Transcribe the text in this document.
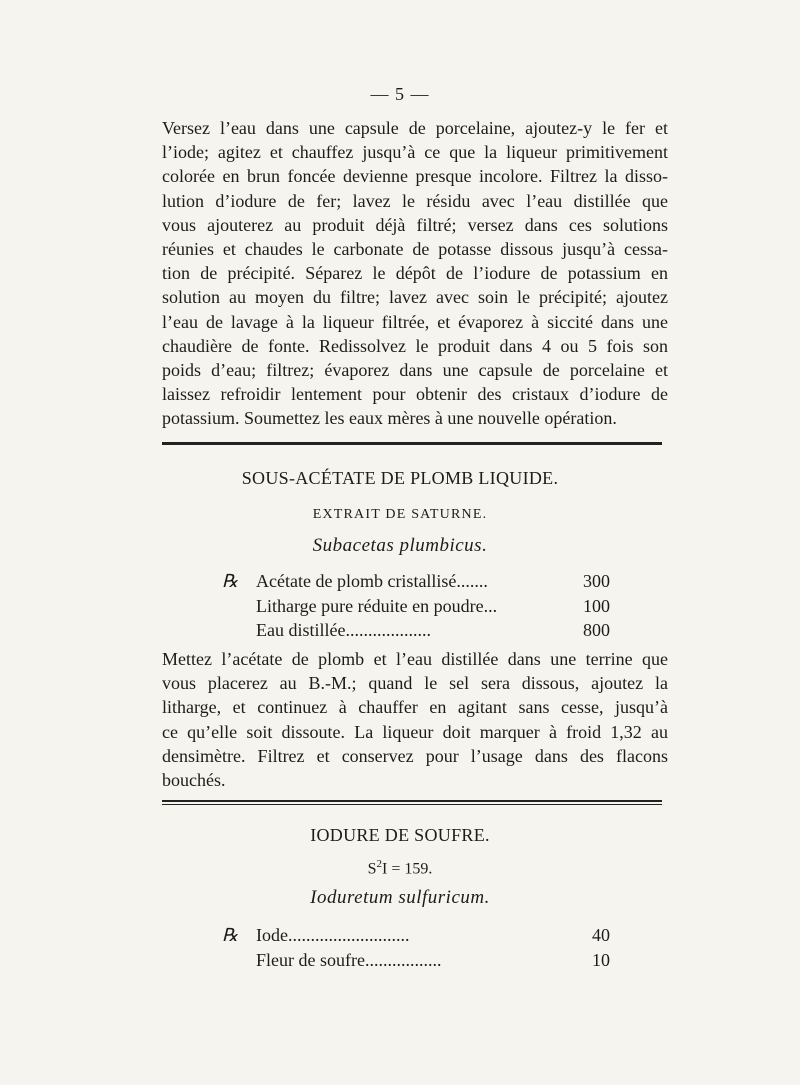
— 5 —
Versez l’eau dans une capsule de porcelaine, ajoutez-y le fer et
l’iode; agitez et chauffez jusqu’à ce que la liqueur primitivement
colorée en brun foncée devienne presque incolore. Filtrez la disso-
lution d’iodure de fer; lavez le résidu avec l’eau distillée que
vous ajouterez au produit déjà filtré; versez dans ces solutions
réunies et chaudes le carbonate de potasse dissous jusqu’à cessa-
tion de précipité. Séparez le dépôt de l’iodure de potassium en
solution au moyen du filtre; lavez avec soin le précipité; ajoutez
l’eau de lavage à la liqueur filtrée, et évaporez à siccité dans une
chaudière de fonte. Redissolvez le produit dans 4 ou 5 fois son
poids d’eau; filtrez; évaporez dans une capsule de porcelaine et
laissez refroidir lentement pour obtenir des cristaux d’iodure de
potassium. Soumettez les eaux mères à une nouvelle opération.
SOUS-ACÉTATE DE PLOMB LIQUIDE.
EXTRAIT DE SATURNE.
Subacetas plumbicus.
℞ Acétate de plomb cristallisé.......	300
Litharge pure réduite en poudre...	100
Eau distillée...................	800
Mettez l’acétate de plomb et l’eau distillée dans une terrine que
vous placerez au B.-M.; quand le sel sera dissous, ajoutez la
litharge, et continuez à chauffer en agitant sans cesse, jusqu’à
ce qu’elle soit dissoute. La liqueur doit marquer à froid 1,32 au
densimètre. Filtrez et conservez pour l’usage dans des flacons
bouchés.
IODURE DE SOUFRE.
$S^2I = 159$.
Ioduretum sulfuricum.
℞ Iode...........................	40
Fleur de soufre.................	10
